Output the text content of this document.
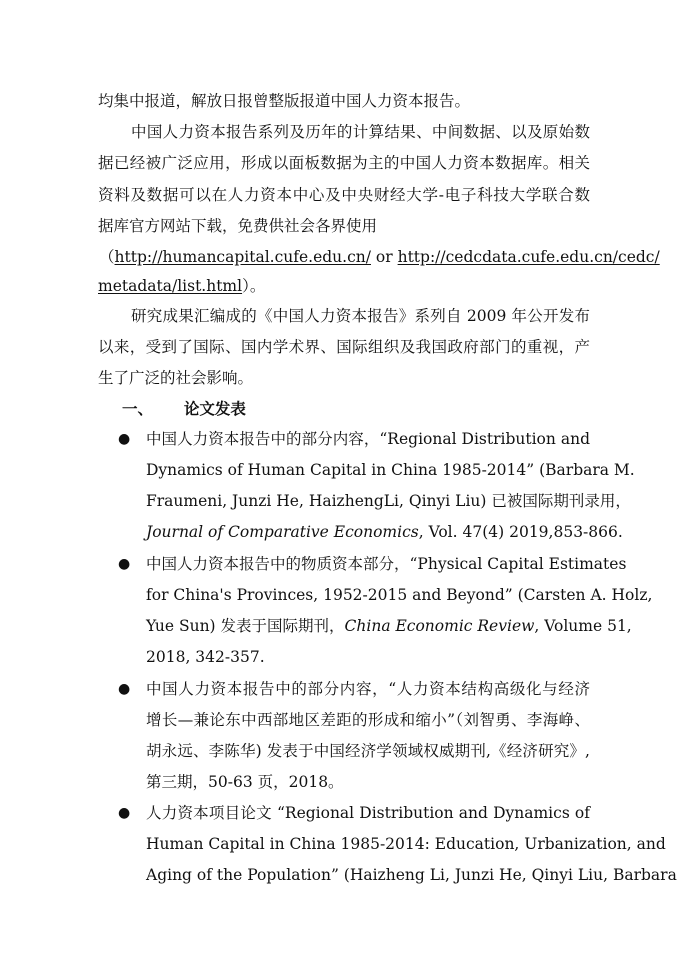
均集中报道，解放日报曾整版报道中国人力资本报告。
中国人力资本报告系列及历年的计算结果、中间数据、以及原始数
据已经被广泛应用，形成以面板数据为主的中国人力资本数据库。相关
资料及数据可以在人力资本中心及中央财经大学-电子科技大学联合数
据库官方网站下载，免费供社会各界使用
（http://humancapital.cufe.edu.cn/ or http://cedcdata.cufe.edu.cn/cedc/
metadata/list.html）。
研究成果汇编成的《中国人力资本报告》系列自 2009 年公开发布
以来，受到了国际、国内学术界、国际组织及我国政府部门的重视，产
生了广泛的社会影响。
一、 论文发表
● 中国人力资本报告中的部分内容，“Regional Distribution and
Dynamics of Human Capital in China 1985-2014” (Barbara M.
Fraumeni, Junzi He, HaizhengLi, Qinyi Liu) 已被国际期刊录用，
Journal of Comparative Economics, Vol. 47(4) 2019,853-866.
● 中国人力资本报告中的物质资本部分，“Physical Capital Estimates
for China's Provinces, 1952-2015 and Beyond” (Carsten A. Holz,
Yue Sun) 发表于国际期刊，China Economic Review, Volume 51,
2018, 342-357.
● 中国人力资本报告中的部分内容，“人力资本结构高级化与经济
增长—兼论东中西部地区差距的形成和缩小”（刘智勇、李海峥、
胡永远、李陈华) 发表于中国经济学领域权威期刊,《经济研究》,
第三期，50-63 页，2018。
● 人力资本项目论文 “Regional Distribution and Dynamics of
Human Capital in China 1985-2014: Education, Urbanization, and
Aging of the Population” (Haizheng Li, Junzi He, Qinyi Liu, Barbara
